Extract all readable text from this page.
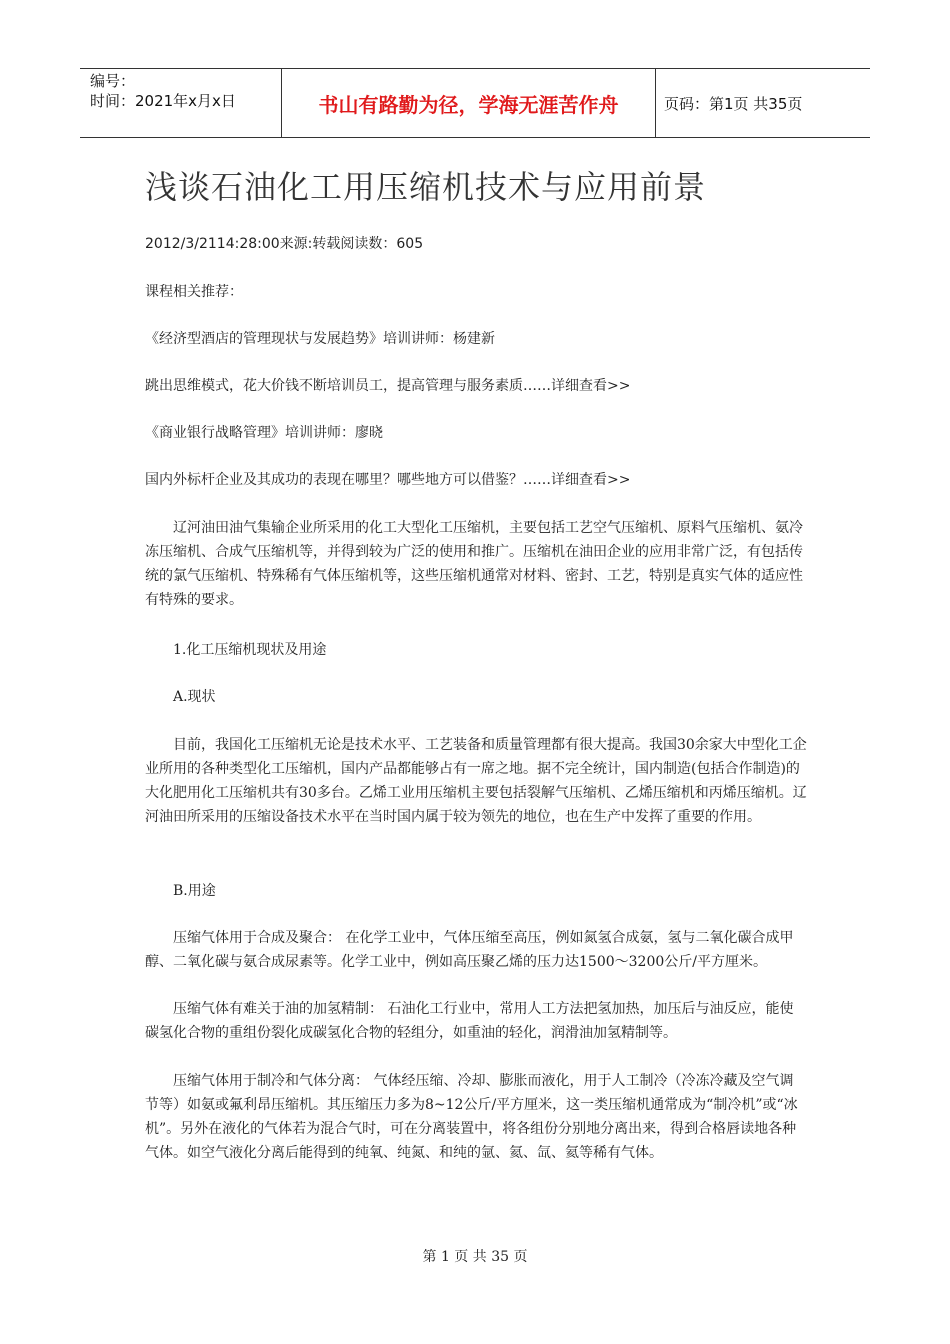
编号：
时间：2021年x月x日	书山有路勤为径，学海无涯苦作舟	页码：第1页 共35页
浅谈石油化工用压缩机技术与应用前景
2012/3/2114:28:00来源:转载阅读数：605
课程相关推荐：
《经济型酒店的管理现状与发展趋势》培训讲师：杨建新
跳出思维模式，花大价钱不断培训员工，提高管理与服务素质……详细查看>>
《商业银行战略管理》培训讲师：廖晓
国内外标杆企业及其成功的表现在哪里？哪些地方可以借鉴？……详细查看>>
辽河油田油气集输企业所采用的化工大型化工压缩机，主要包括工艺空气压缩机、原料气压缩机、氨冷冻压缩机、合成气压缩机等，并得到较为广泛的使用和推广。压缩机在油田企业的应用非常广泛，有包括传统的氯气压缩机、特殊稀有气体压缩机等，这些压缩机通常对材料、密封、工艺，特别是真实气体的适应性有特殊的要求。
1.化工压缩机现状及用途
A.现状
目前，我国化工压缩机无论是技术水平、工艺装备和质量管理都有很大提高。我国30余家大中型化工企业所用的各种类型化工压缩机，国内产品都能够占有一席之地。据不完全统计，国内制造(包括合作制造)的大化肥用化工压缩机共有30多台。乙烯工业用压缩机主要包括裂解气压缩机、乙烯压缩机和丙烯压缩机。辽河油田所采用的压缩设备技术水平在当时国内属于较为领先的地位，也在生产中发挥了重要的作用。
B.用途
压缩气体用于合成及聚合： 在化学工业中，气体压缩至高压，例如氮氢合成氨，氢与二氧化碳合成甲醇、二氧化碳与氨合成尿素等。化学工业中，例如高压聚乙烯的压力达1500～3200公斤/平方厘米。
压缩气体有难关于油的加氢精制： 石油化工行业中，常用人工方法把氢加热，加压后与油反应，能使碳氢化合物的重组份裂化成碳氢化合物的轻组分，如重油的轻化，润滑油加氢精制等。
压缩气体用于制冷和气体分离： 气体经压缩、冷却、膨胀而液化，用于人工制冷（冷冻冷藏及空气调节等）如氨或氟利昂压缩机。其压缩压力多为8~12公斤/平方厘米，这一类压缩机通常成为“制冷机”或“冰机”。另外在液化的气体若为混合气时，可在分离装置中，将各组份分别地分离出来，得到合格唇读地各种气体。如空气液化分离后能得到的纯氧、纯氮、和纯的氩、氦、氙、氦等稀有气体。
第 1 页 共 35 页
